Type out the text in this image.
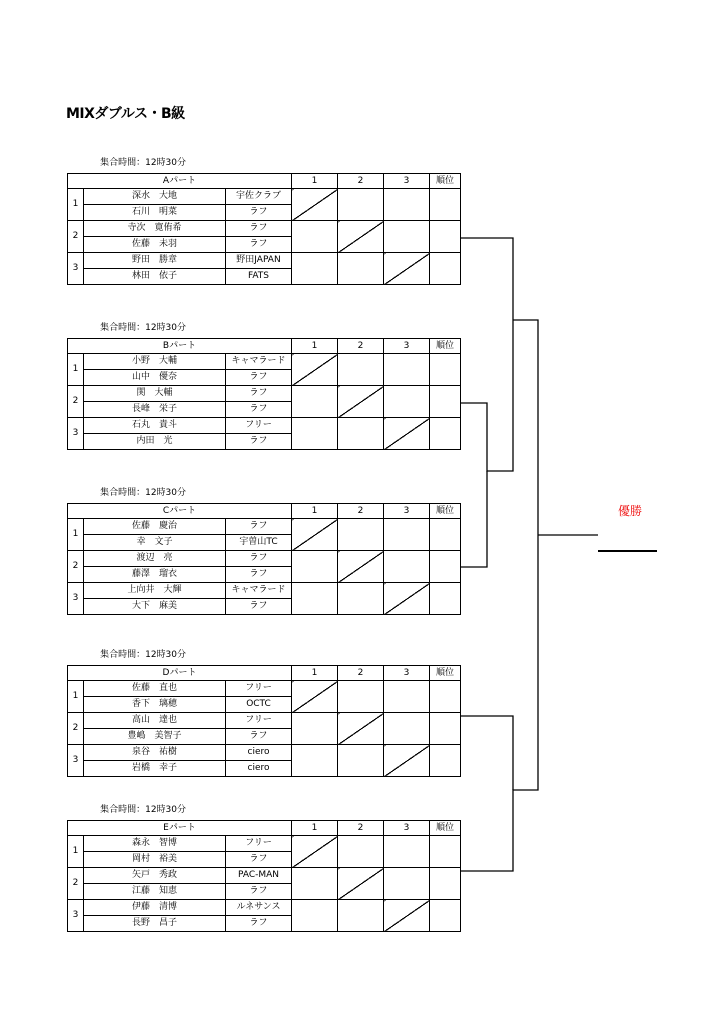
MIXダブルス・B級
集合時間：12時30分
Aパート			1	2	3	順位
1	深水　大地	宇佐クラブ				
	石川　明菜	ラフ				
2	寺次　寛侑希	ラフ				
	佐藤　未羽	ラフ				
3	野田　勝章	野田JAPAN				
	林田　依子	FATS				
集合時間：12時30分
Bパート			1	2	3	順位
1	小野　大輔	キャマラード				
	山中　優奈	ラフ				
2	関　大輔	ラフ				
	長峰　栄子	ラフ				
3	石丸　貴斗	フリー				
	内田　光	ラフ				
集合時間：12時30分
Cパート			1	2	3	順位
1	佐藤　慶治	ラフ				
	幸　文子	宇曽山TC				
2	渡辺　亮	ラフ				
	藤澤　瑠衣	ラフ				
3	上向井　大輝	キャマラード				
	大下　麻美	ラフ				
集合時間：12時30分
Dパート			1	2	3	順位
1	佐藤　直也	フリー				
	香下　璃穂	OCTC				
2	高山　達也	フリー				
	豊嶋　美智子	ラフ				
3	泉谷　祐樹	ciero				
	岩橋　幸子	ciero				
集合時間：12時30分
Eパート			1	2	3	順位
1	森永　智博	フリー				
	岡村　裕美	ラフ				
2	矢戸　秀政	PAC-MAN				
	江藤　知恵	ラフ				
3	伊藤　清博	ルネサンス				
	長野　昌子	ラフ				
優勝
